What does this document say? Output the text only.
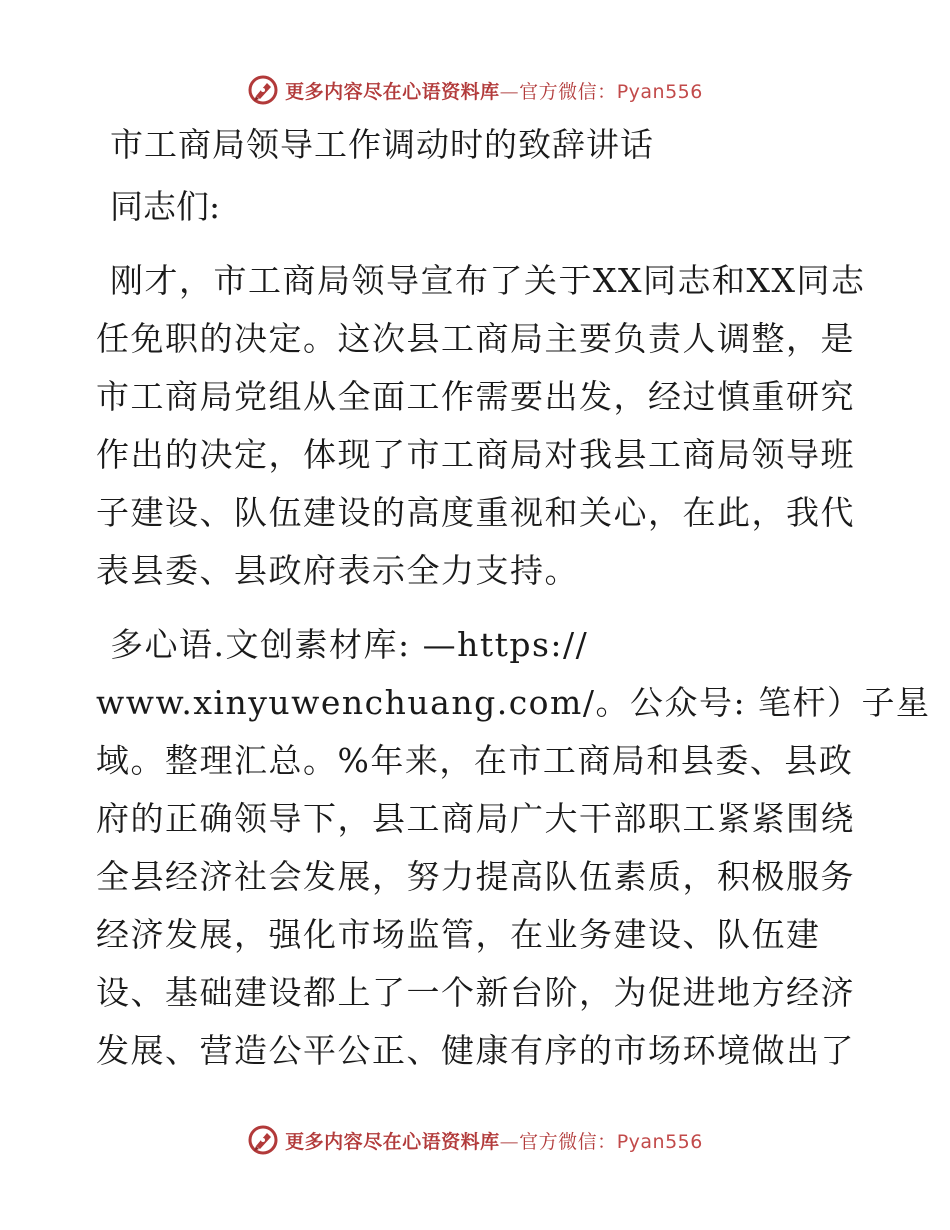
更多内容尽在心语资料库—官方微信：Pyan556
市工商局领导工作调动时的致辞讲话
同志们:
刚才，市工商局领导宣布了关于XX同志和XX同志
任免职的决定。这次县工商局主要负责人调整，是
市工商局党组从全面工作需要出发，经过慎重研究
作出的决定，体现了市工商局对我县工商局领导班
子建设、队伍建设的高度重视和关心，在此，我代
表县委、县政府表示全力支持。
多心语.文创素材库: —https://
www.xinyuwenchuang.com/。公众号: 笔杆）子星
域。整理汇总。%年来，在市工商局和县委、县政
府的正确领导下，县工商局广大干部职工紧紧围绕
全县经济社会发展，努力提高队伍素质，积极服务
经济发展，强化市场监管，在业务建设、队伍建
设、基础建设都上了一个新台阶，为促进地方经济
发展、营造公平公正、健康有序的市场环境做出了
更多内容尽在心语资料库—官方微信：Pyan556
